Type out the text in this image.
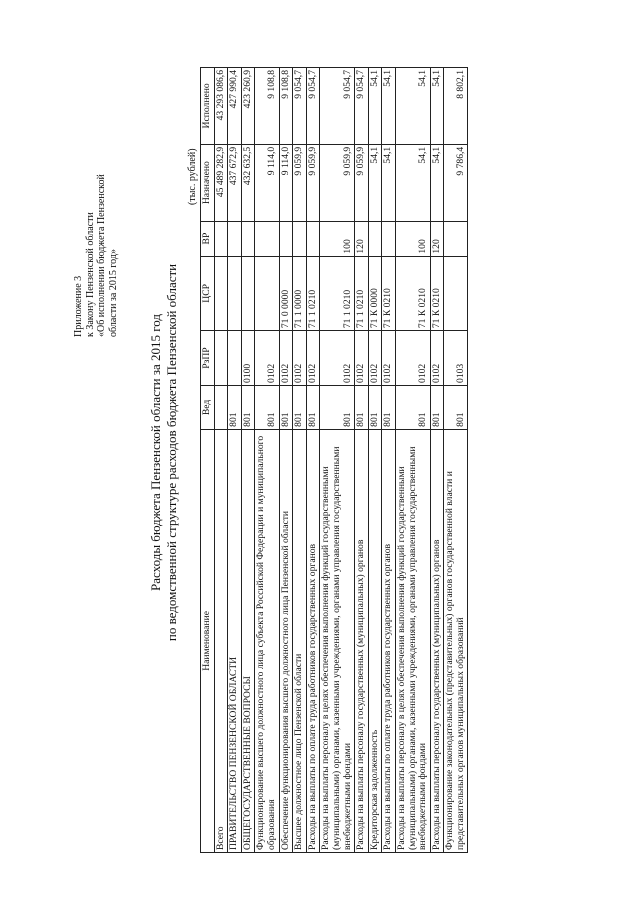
Приложение 3 к Закону Пензенской области «Об исполнении бюджета Пензенской области за 2015 год»
Расходы бюджета Пензенской области за 2015 год по ведомственной структуре расходов бюджета Пензенской области
(тыс. рублей)
Наименование	Вед	РзПР	ЦСР	ВР	Назначено	Исполнено
Всего					45 489 282,9	43 293 086,6
ПРАВИТЕЛЬСТВО ПЕНЗЕНСКОЙ ОБЛАСТИ	801				437 672,9	427 990,4
ОБЩЕГОСУДАРСТВЕННЫЕ ВОПРОСЫ	801	0100			432 632,5	423 260,9
Функционирование высшего должностного лица субъекта Российской Федерации и муниципального образования	801	0102			9 114,0	9 108,8
Обеспечение функционирования высшего должностного лица Пензенской области	801	0102	71 0 0000		9 114,0	9 108,8
Высшее должностное лицо Пензенской области	801	0102	71 1 0000		9 059,9	9 054,7
Расходы на выплаты по оплате труда работников государственных органов	801	0102	71 1 0210		9 059,9	9 054,7
Расходы на выплаты персоналу в целях обеспечения выполнения функций государственными (муниципальными) органами, казенными учреждениями, органами управления государственными внебюджетными фондами	801	0102	71 1 0210	100	9 059,9	9 054,7
Расходы на выплаты персоналу государственных (муниципальных) органов	801	0102	71 1 0210	120	9 059,9	9 054,7
Кредиторская задолженность	801	0102	71 К 0000		54,1	54,1
Расходы на выплаты по оплате труда работников государственных органов	801	0102	71 К 0210		54,1	54,1
Расходы на выплаты персоналу в целях обеспечения выполнения функций государственными (муниципальными) органами, казенными учреждениями, органами управления государственными внебюджетными фондами	801	0102	71 К 0210	100	54,1	54,1
Расходы на выплаты персоналу государственных (муниципальных) органов	801	0102	71 К 0210	120	54,1	54,1
Функционирование законодательных (представительных) органов государственной власти и представительных органов муниципальных образований	801	0103			9 786,4	8 802,1
